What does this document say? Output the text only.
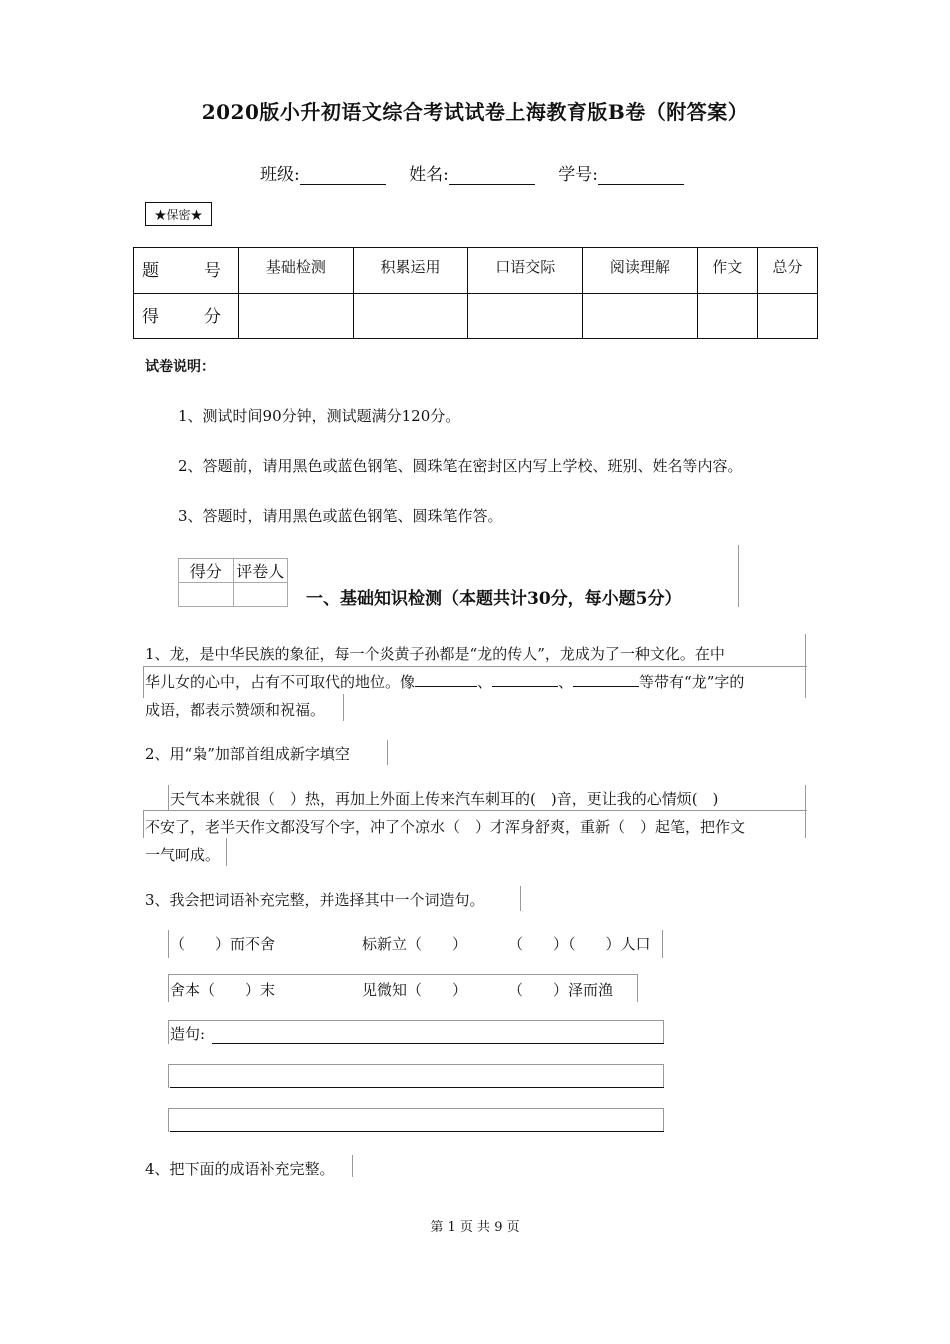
2020版小升初语文综合考试试卷上海教育版B卷（附答案）
班级:	姓名:	学号:
★保密★
题　号	基础检测	积累运用	口语交际	阅读理解	作文	总分
得　分						
试卷说明：
1、测试时间90分钟，测试题满分120分。
2、答题前，请用黑色或蓝色钢笔、圆珠笔在密封区内写上学校、班别、姓名等内容。
3、答题时，请用黑色或蓝色钢笔、圆珠笔作答。
得分	评卷人

一、基础知识检测（本题共计30分，每小题5分）
1、龙，是中华民族的象征，每一个炎黄子孙都是“龙的传人”，龙成为了一种文化。在中
华儿女的心中，占有不可取代的地位。像	、	、	等带有“龙”字的
成语，都表示赞颂和祝福。
2、用“枭”加部首组成新字填空
天气本来就很（　）热，再加上外面上传来汽车刺耳的(　)音，更让我的心情烦(　)
不安了，老半天作文都没写个字，冲了个凉水（　）才浑身舒爽，重新（　）起笔，把作文
一气呵成。
3、我会把词语补充完整，并选择其中一个词造句。
（　　）而不舍	标新立（　　）	（　　）（　　）人口
舍本（　　）末	见微知（　　）	（　　）泽而渔
造句:
4、把下面的成语补充完整。
第 1 页 共 9 页
